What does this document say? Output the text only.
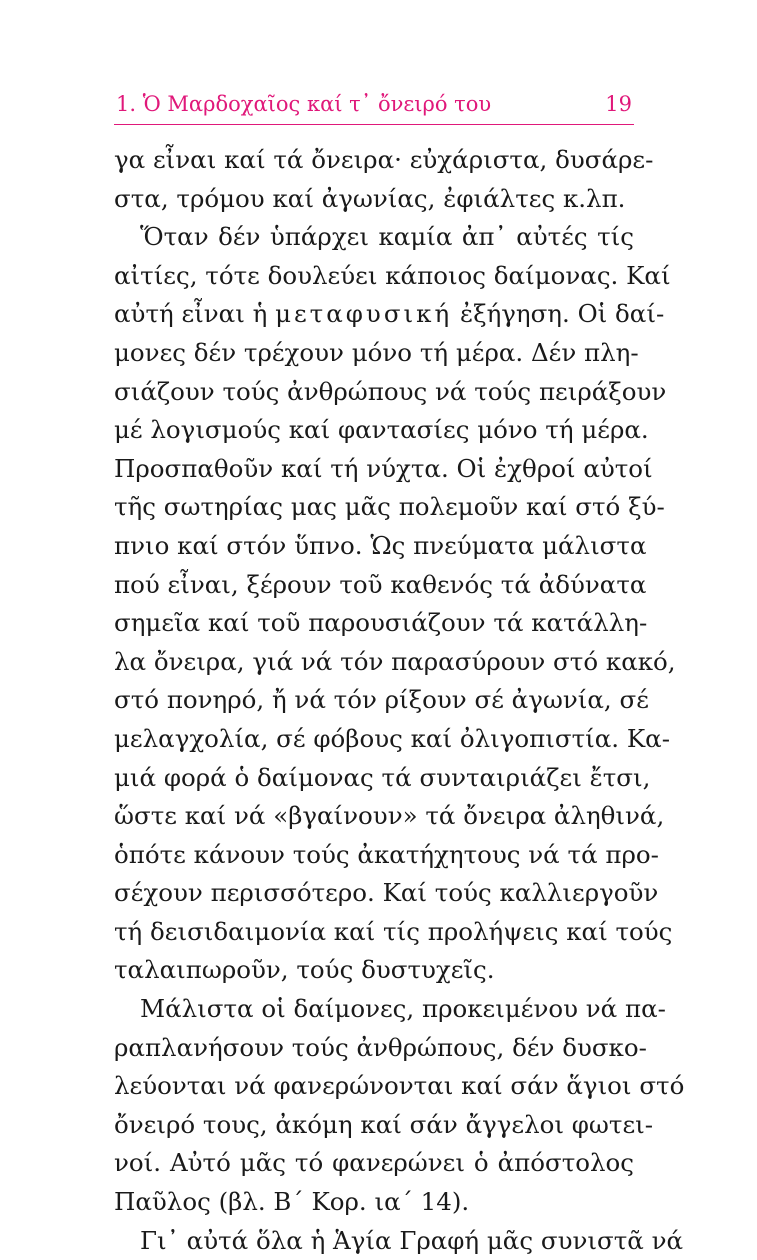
1. Ὁ Μαρδοχαῖος καί τ᾿ ὄνειρό του	19
γα εἶναι καί τά ὄνειρα· εὐχάριστα, δυσάρε-
στα, τρόμου καί ἀγωνίας, ἐφιάλτες κ.λπ.
Ὅταν δέν ὑπάρχει καμία ἀπ᾿ αὐτές τίς
αἰτίες, τότε δουλεύει κάποιος δαίμονας. Καί
αὐτή εἶναι ἡ μεταφυσική ἐξήγηση. Οἱ δαί-
μονες δέν τρέχουν μόνο τή μέρα. Δέν πλη-
σιάζουν τούς ἀνθρώπους νά τούς πειράξουν
μέ λογισμούς καί φαντασίες μόνο τή μέρα.
Προσπαθοῦν καί τή νύχτα. Οἱ ἐχθροί αὐτοί
τῆς σωτηρίας μας μᾶς πολεμοῦν καί στό ξύ-
πνιο καί στόν ὕπνο. Ὡς πνεύματα μάλιστα
πού εἶναι, ξέρουν τοῦ καθενός τά ἀδύνατα
σημεῖα καί τοῦ παρουσιάζουν τά κατάλλη-
λα ὄνειρα, γιά νά τόν παρασύρουν στό κακό,
στό πονηρό, ἤ νά τόν ρίξουν σέ ἀγωνία, σέ
μελαγχολία, σέ φόβους καί ὀλιγοπιστία. Κα-
μιά φορά ὁ δαίμονας τά συνταιριάζει ἔτσι,
ὥστε καί νά «βγαίνουν» τά ὄνειρα ἀληθινά,
ὁπότε κάνουν τούς ἀκατήχητους νά τά προ-
σέχουν περισσότερο. Καί τούς καλλιεργοῦν
τή δεισιδαιμονία καί τίς προλήψεις καί τούς
ταλαιπωροῦν, τούς δυστυχεῖς.
Μάλιστα οἱ δαίμονες, προκειμένου νά πα-
ραπλανήσουν τούς ἀνθρώπους, δέν δυσκο-
λεύονται νά φανερώνονται καί σάν ἅγιοι στό
ὄνειρό τους, ἀκόμη καί σάν ἄγγελοι φωτει-
νοί. Αὐτό μᾶς τό φανερώνει ὁ ἀπόστολος
Παῦλος (βλ. Β΄ Κορ. ια΄ 14).
Γι᾿ αὐτά ὅλα ἡ Ἁγία Γραφή μᾶς συνιστᾶ νά
